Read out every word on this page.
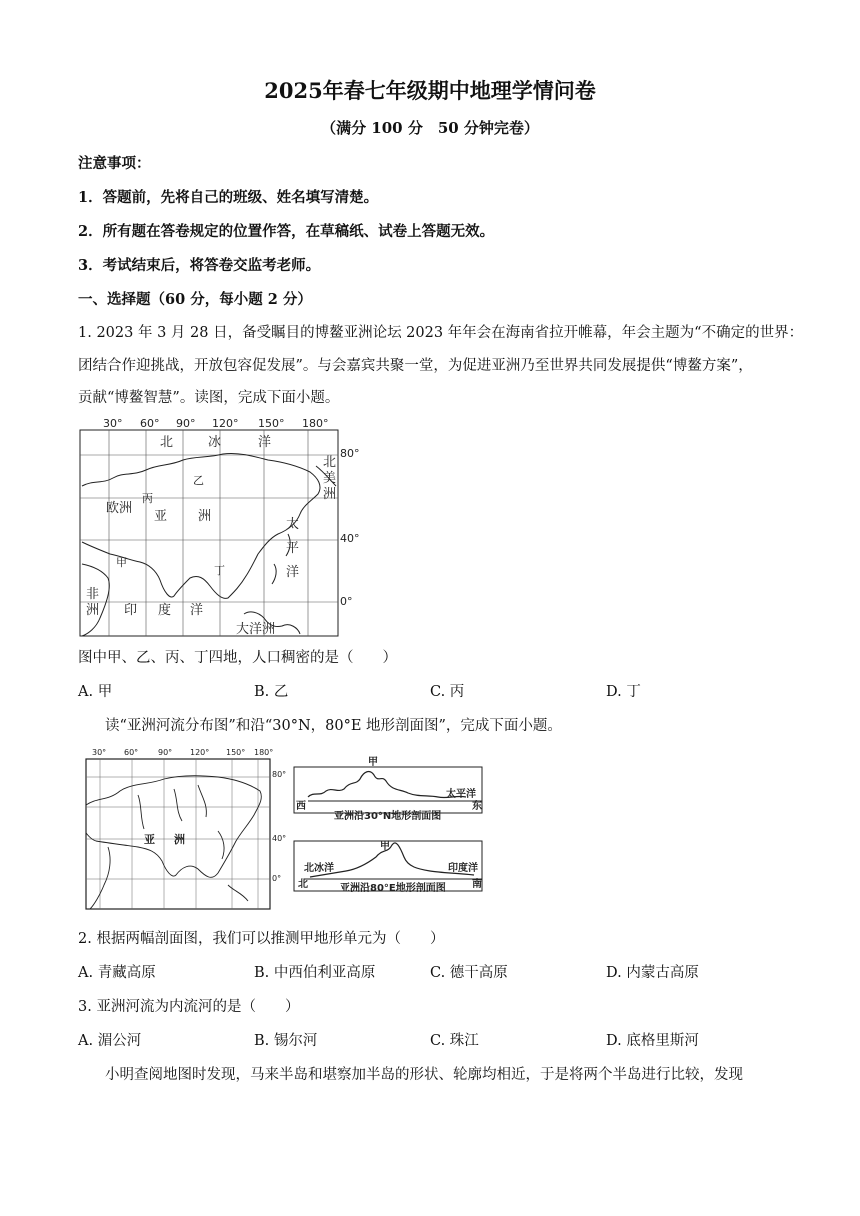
2025年春七年级期中地理学情问卷
（满分 100 分　50 分钟完卷）
注意事项：
1．答题前，先将自己的班级、姓名填写清楚。
2．所有题在答卷规定的位置作答，在草稿纸、试卷上答题无效。
3．考试结束后，将答卷交监考老师。
一、选择题（60 分，每小题 2 分）
1. 2023 年 3 月 28 日，备受瞩目的博鳌亚洲论坛 2023 年年会在海南省拉开帷幕，年会主题为“不确定的世界：
团结合作迎挑战，开放包容促发展”。与会嘉宾共聚一堂，为促进亚洲乃至世界共同发展提供“博鳌方案”，
贡献“博鳌智慧”。读图，完成下面小题。
30° 60° 90° 120° 150° 180°
80°
40°
0°
北	冰	洋
北
美
洲
欧洲
亚 洲
太
平
洋
非
洲 印 度 洋
大洋洲
甲
乙
丙
丁
图中甲、乙、丙、丁四地，人口稠密的是（　　）
A. 甲	B. 乙	C. 丙	D. 丁
读“亚洲河流分布图”和沿“30°N，80°E 地形剖面图”，完成下面小题。
30° 60° 90° 120° 150° 180°
80°
40°
0°
亚 洲
甲
西
太平洋
东
亚洲沿30°N地形剖面图
甲
北冰洋
北
印度洋
南
亚洲沿80°E地形剖面图
2. 根据两幅剖面图，我们可以推测甲地形单元为（　　）
A. 青藏高原	B. 中西伯利亚高原	C. 德干高原	D. 内蒙古高原
3. 亚洲河流为内流河的是（　　）
A. 湄公河	B. 锡尔河	C. 珠江	D. 底格里斯河
小明查阅地图时发现，马来半岛和堪察加半岛的形状、轮廓均相近，于是将两个半岛进行比较，发现
